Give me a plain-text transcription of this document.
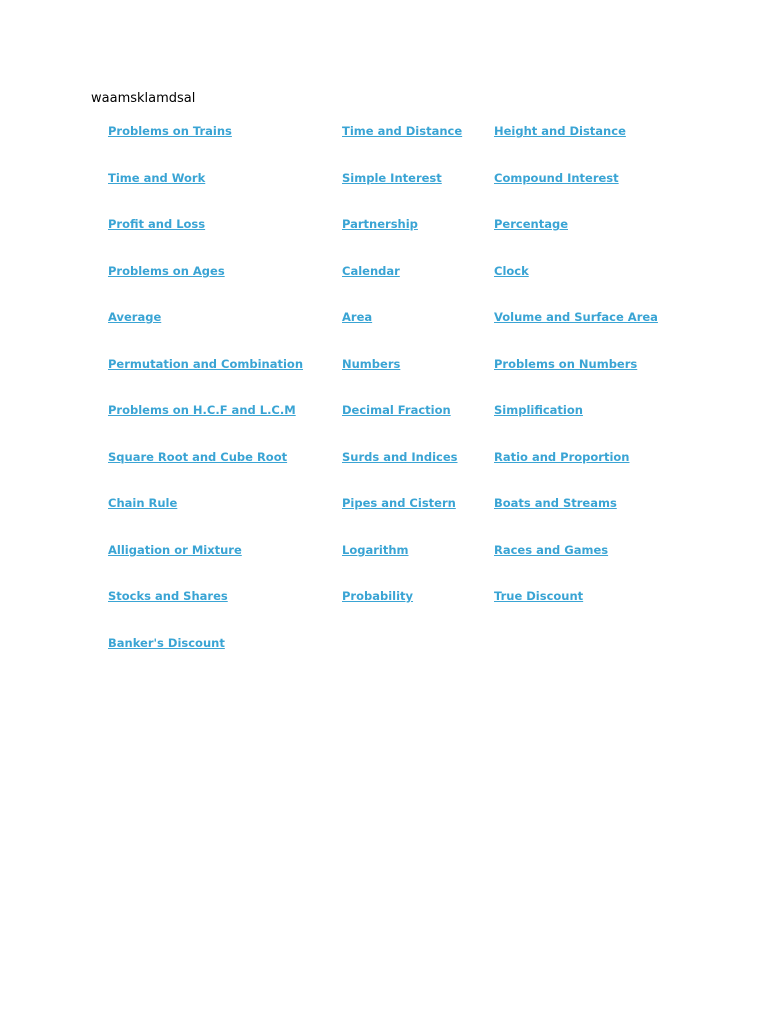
waamsklamdsal
Problems on Trains	Time and Distance	Height and Distance
Time and Work	Simple Interest	Compound Interest
Profit and Loss	Partnership	Percentage
Problems on Ages	Calendar	Clock
Average	Area	Volume and Surface Area
Permutation and Combination	Numbers	Problems on Numbers
Problems on H.C.F and L.C.M	Decimal Fraction	Simplification
Square Root and Cube Root	Surds and Indices	Ratio and Proportion
Chain Rule	Pipes and Cistern	Boats and Streams
Alligation or Mixture	Logarithm	Races and Games
Stocks and Shares	Probability	True Discount
Banker's Discount
